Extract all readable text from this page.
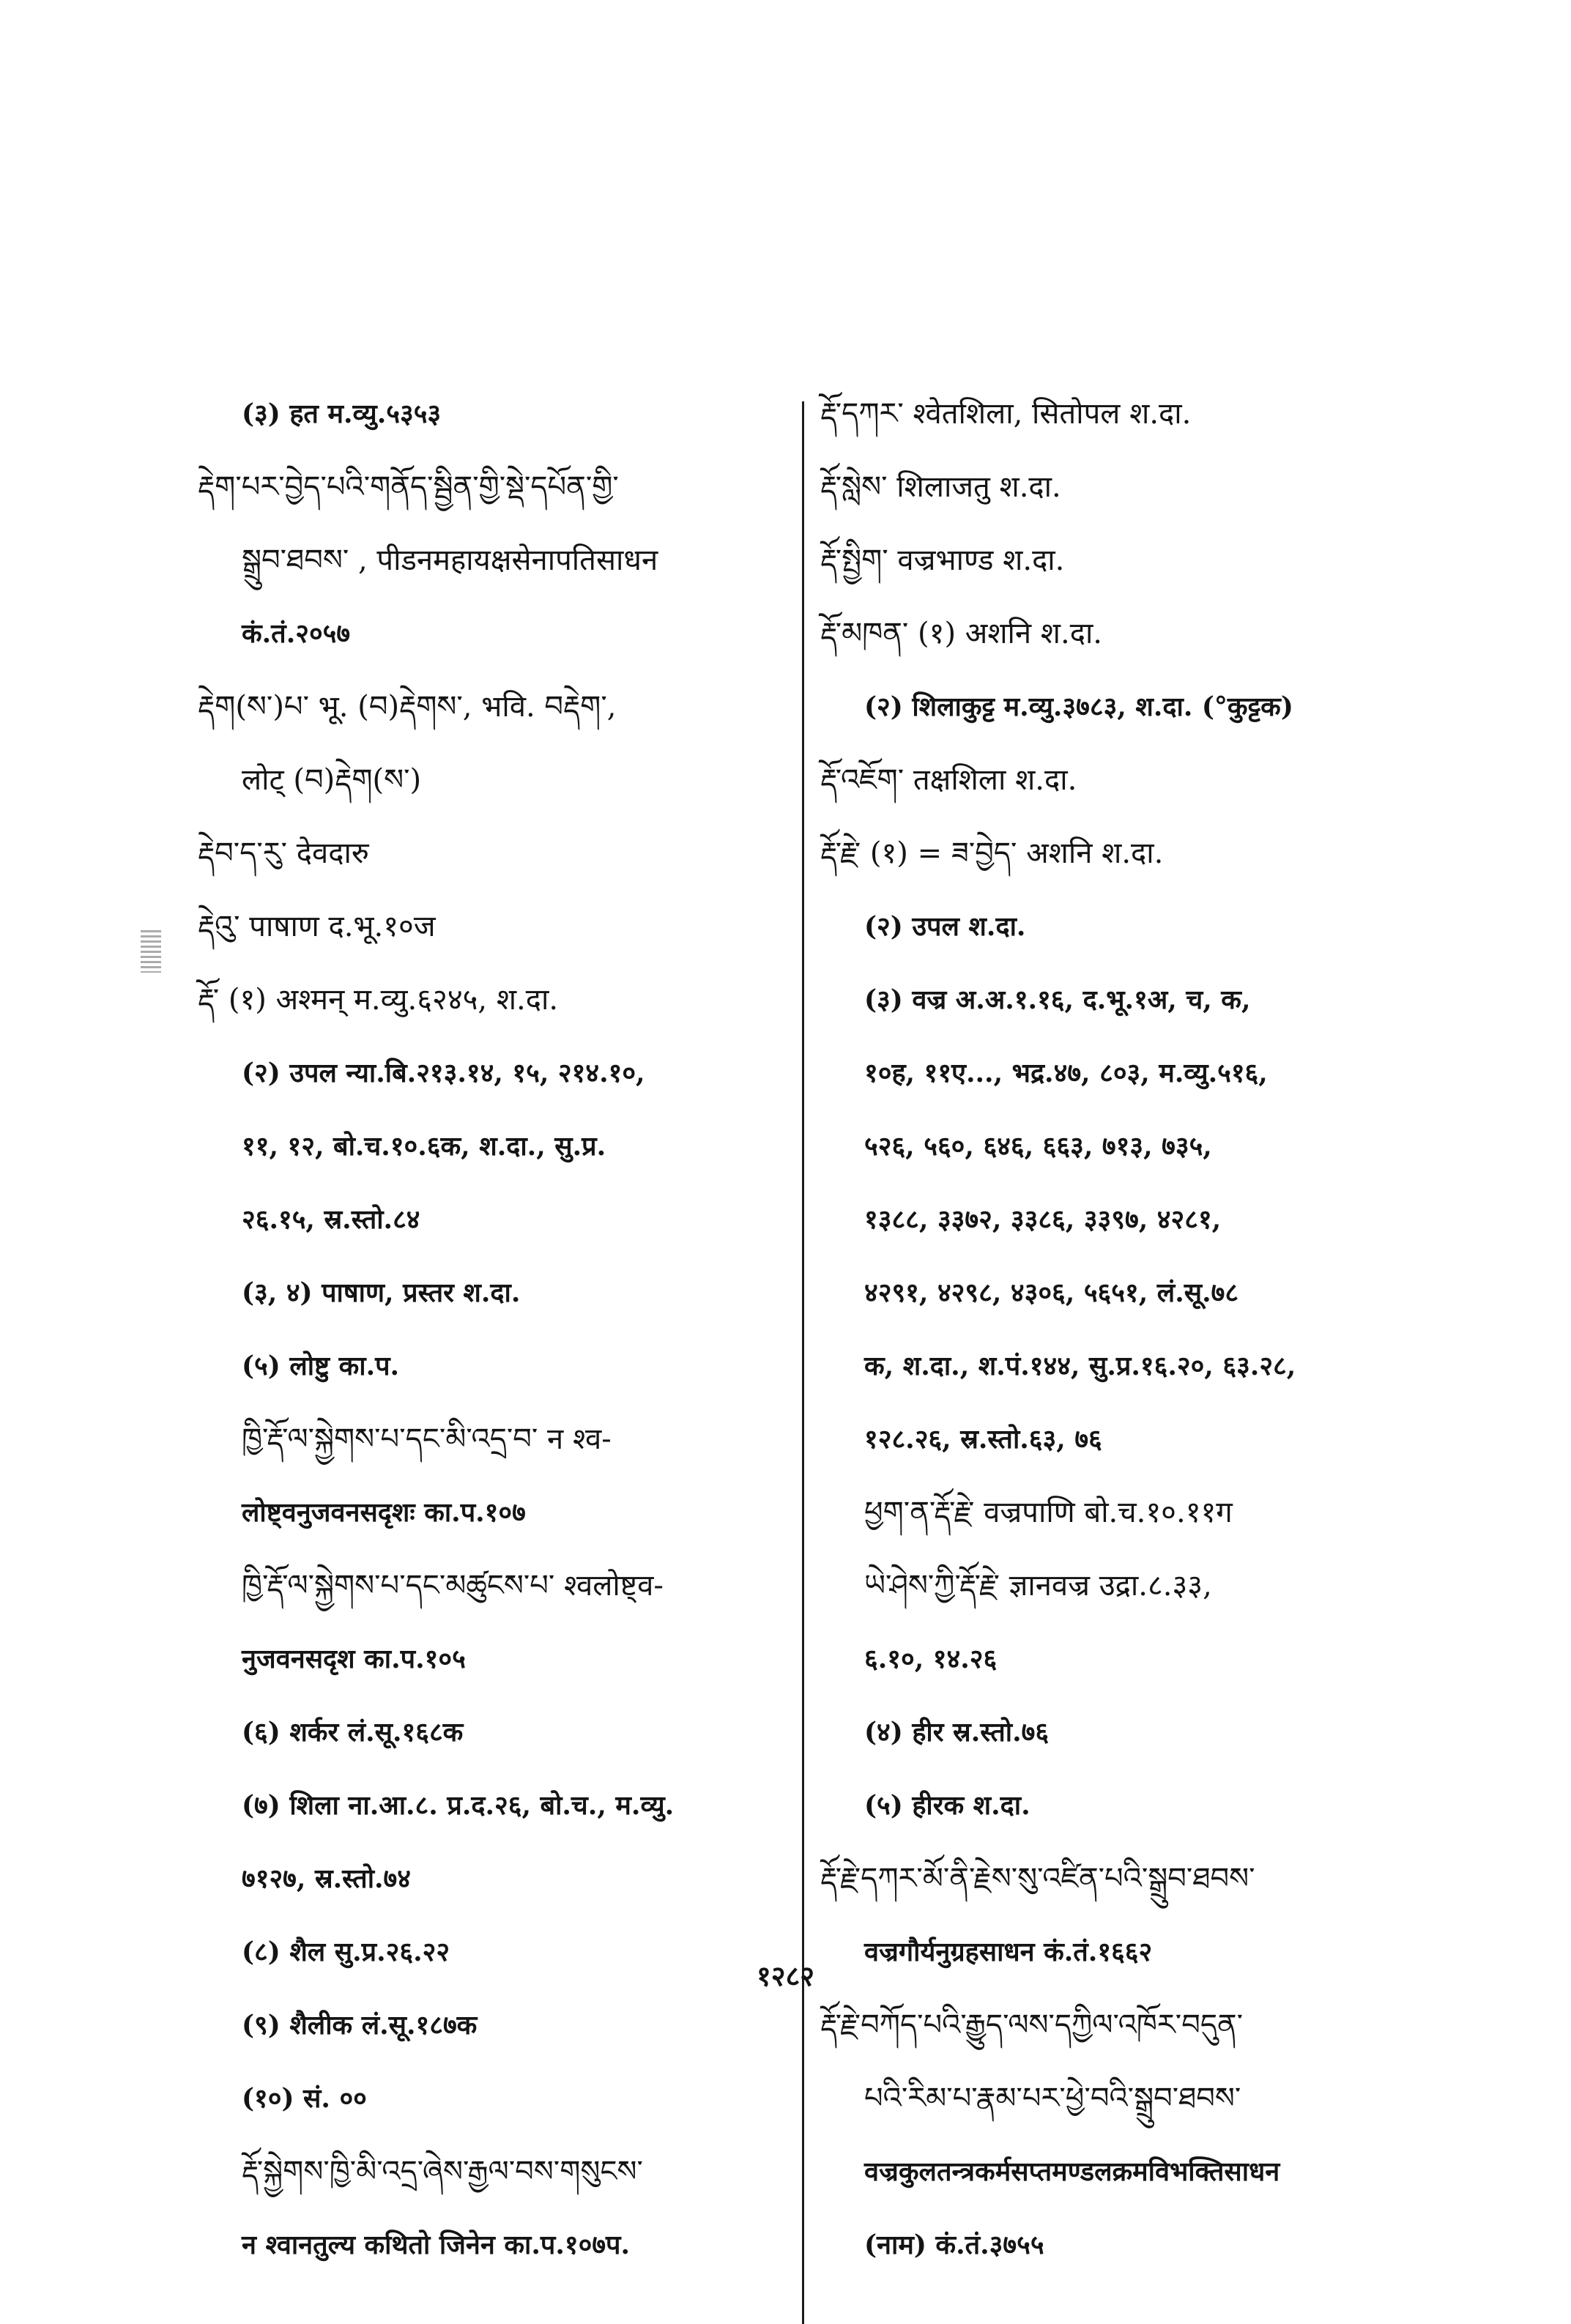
(३) हत म.व्यु.५३५३
རྡེག་པར་བྱེད་པའི་གནོད་སྦྱིན་གྱི་སྡེ་དཔོན་གྱི་
སྒྲུབ་ཐབས་ , पीडनमहायक्षसेनापतिसाधन
कं.तं.२०५७
རྡེག(ས་)པ་ भू. (བ)རྡེགས་, भवि. བརྡེག་,
लोट् (བ)རྡེག(ས་)
རྡེབ་ད་རུ་ देवदारु
རྡེའུ་ पाषाण द.भू.१०ज
རྡོ་ (१) अश्मन् म.व्यु.६२४५, श.दा.
(२) उपल न्या.बि.२१३.१४, १५, २१४.१०,
११, १२, बो.च.१०.६क, श.दा., सु.प्र.
२६.१५, स्र.स्तो.८४
(३, ४) पाषाण, प्रस्तर श.दा.
(५) लोष्टु का.प.
ཁྱི་རྡོ་ལ་སྐྱེགས་པ་དང་མི་འདྲ་བ་ न श्व-
लोष्ट्वनुजवनसदृशः का.प.१०७
ཁྱི་རྡོ་ལ་སྐྱེགས་པ་དང་མཚུངས་པ་ श्वलोष्ट्व-
नुजवनसदृश का.प.१०५
(६) शर्कर लं.सू.१६८क
(७) शिला ना.आ.८. प्र.द.२६, बो.च., म.व्यु.
७१२७, स्र.स्तो.७४
(८) शैल सु.प्र.२६.२२
(९) शैलीक लं.सू.१८७क
(१०) सं. ००
རྡོ་སྐྱེགས་ཁྱི་མི་འདྲ་ཞེས་རྒྱལ་བས་གསུངས་
न श्वानतुल्य कथितो जिनेन का.प.१०७प.
རྡོ་དཀར་ श्वेतशिला, सितोपल श.दा.
རྡོ་སླེས་ शिलाजतु श.दा.
རྡོ་སྤྱིག་ वज्रभाण्ड श.दा.
རྡོ་མཁན་ (१) अशनि श.दा.
(२) शिलाकुट्ट म.व्यु.३७८३, श.दा. (°कुट्टक)
རྡོ་འཇོག་ तक्षशिला श.दा.
རྡོ་རྗེ་ (१) = ཟ་བྱེད་ अशनि श.दा.
(२) उपल श.दा.
(३) वज्र अ.अ.१.१६, द.भू.१अ, च, क,
१०ह, ११ए..., भद्र.४७, ८०३, म.व्यु.५१६,
५२६, ५६०, ६४६, ६६३, ७१३, ७३५,
१३८८, ३३७२, ३३८६, ३३९७, ४२८१,
४२९१, ४२९८, ४३०६, ५६५१, लं.सू.७८
क, श.दा., श.पं.१४४, सु.प्र.१६.२०, ६३.२८,
१२८.२६, स्र.स्तो.६३, ७६
ཕྱག་ན་རྡོ་རྗེ་ वज्रपाणि बो.च.१०.११ग
ཡེ་ཤེས་ཀྱི་རྡོ་རྗེ་ ज्ञानवज्र उद्रा.८.३३,
६.१०, १४.२६
(४) हीर स्र.स्तो.७६
(५) हीरक श.दा.
རྡོ་རྗེ་དཀར་མོ་ནི་རྗེས་སུ་འཛིན་པའི་སྒྲུབ་ཐབས་
वज्रगौर्यनुग्रहसाधन कं.तं.१६६२
རྡོ་རྗེ་བཀོད་པའི་རྒྱུད་ལས་དཀྱིལ་འཁོར་བདུན་
པའི་རིམ་པ་རྣམ་པར་ཕྱེ་བའི་སྒྲུབ་ཐབས་
वज्रकुलतन्त्रकर्मसप्तमण्डलक्रमविभक्तिसाधन
(नाम) कं.तं.३७५५
१२८२
